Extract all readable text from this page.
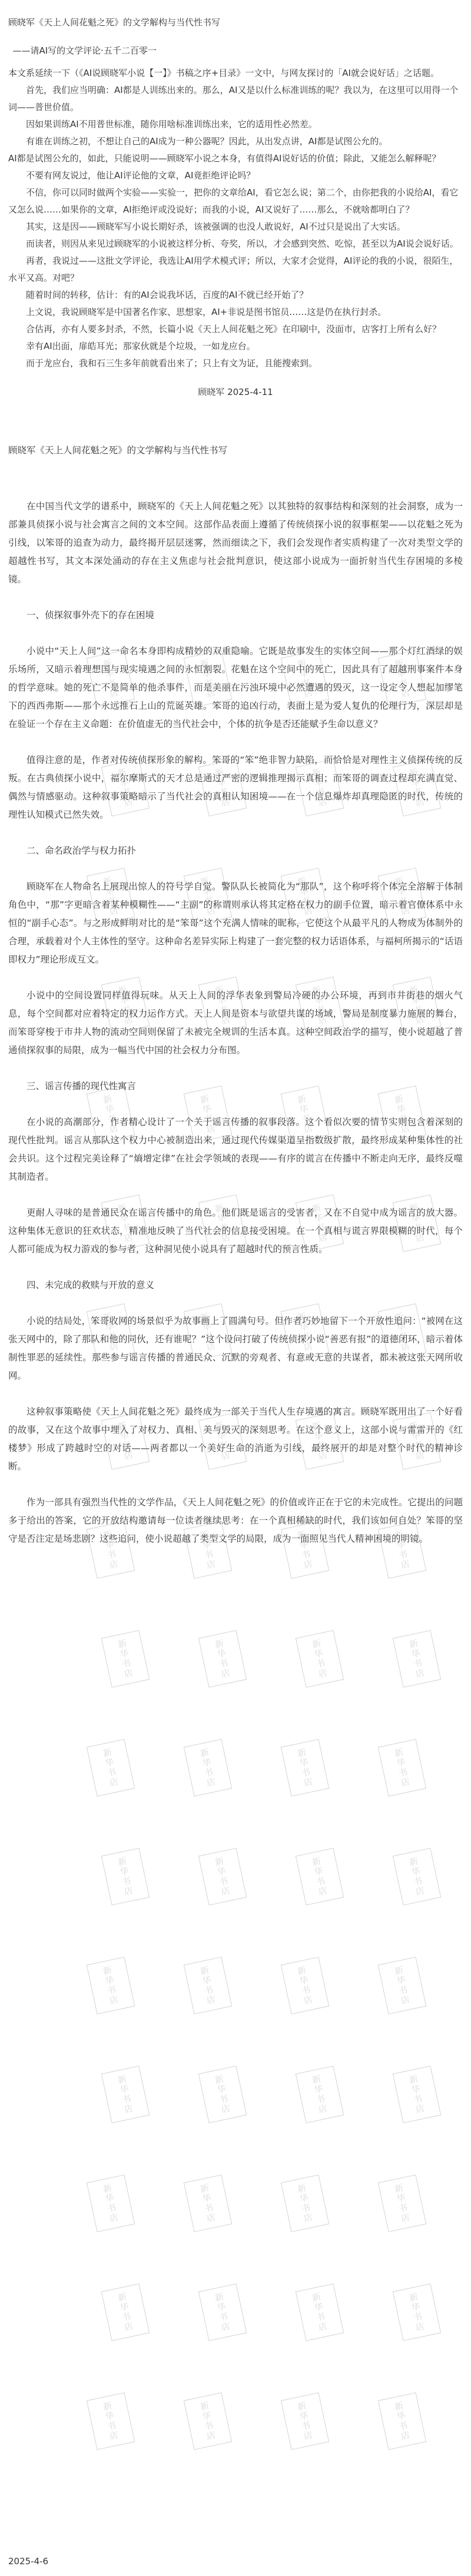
新华书店	新华书店	新华书店	新华书店
新华书店	新华书店	新华书店	新华书店
新华书店	新华书店	新华书店	新华书店
新华书店	新华书店	新华书店	新华书店
新华书店	新华书店	新华书店	新华书店
新华书店	新华书店	新华书店	新华书店
新华书店	新华书店	新华书店	新华书店
新华书店	新华书店	新华书店	新华书店
新华书店	新华书店	新华书店	新华书店
新华书店	新华书店	新华书店	新华书店
新华书店	新华书店	新华书店	新华书店
新华书店	新华书店	新华书店	新华书店
新华书店	新华书店	新华书店	新华书店
新华书店	新华书店	新华书店	新华书店
新华书店	新华书店	新华书店	新华书店
新华书店	新华书店	新华书店	新华书店
新华书店	新华书店	新华书店	新华书店

顾晓军《天上人间花魁之死》的文学解构与当代性书写

——请AI写的文学评论·五千二百零一

本文系延续一下（《AI说顾晓军小说【一】》书稿之序+目录》一文中，与网友探讨的「AI就会说好话」之话题。

首先，我们应当明确：AI都是人训练出来的。那么，AI又是以什么标准训练的呢？我以为，在这里可以用得一个词——普世价值。

因如果训练AI不用普世标准，随你用啥标准训练出来，它的适用性必然差。

有谁在训练之初，不想让自己的AI成为一种公器呢？因此，从出发点讲，AI都是试图公允的。

AI都是试图公允的，如此，只能说明——顾晓军小说之本身，有值得AI说好话的价值；除此，又能怎么解释呢？

不要有网友说过，他让AI评论他的文章，AI竟拒绝评论吗？

不信，你可以同时做两个实验——实验一，把你的文章给AI，看它怎么说；第二个，由你把我的小说给AI，看它又怎么说……如果你的文章，AI拒绝评或没说好；而我的小说，AI又说好了……那么，不就啥都明白了？

其实，这是因——顾晓军写小说长期好杀，该被强调的也没人敢说好，AI不过只是说出了大实话。

而读者，则因从来见过顾晓军的小说被这样分析、夸奖，所以，才会感到突然、吃惊，甚至以为AI说会说好话。

再者，我说过——这批文学评论，我选让AI用学术模式评；所以，大家才会觉得，AI评论的我的小说，很陌生，水平又高。对吧？

随着时间的转移，估计：有的AI会说我坏话，百度的AI不就已经开始了？

上文说，我说顾晓军是中国著名作家、思想家，AI+非说是图书馆员……这是仍在执行封杀。

合估再，亦有人要多封杀，不然，长篇小说《天上人间花魁之死》在印刷中，没面市，店客打上所有么好？

幸有AI出面，扉皓耳光；那家伙就是个垃圾，一如龙应台。

而于龙应台，我和石三生多年前就看出来了；只上有文为证，且能搜索到。

顾晓军 2025-4-11

顾晓军《天上人间花魁之死》的文学解构与当代性书写

在中国当代文学的谱系中，顾晓军的《天上人间花魁之死》以其独特的叙事结构和深刻的社会洞察，成为一部兼具侦探小说与社会寓言之间的文本空间。这部作品表面上遵循了传统侦探小说的叙事框架——以花魁之死为引线，以笨哥的追查为动力，最终揭开层层迷雾，然而细读之下，我们会发现作者实质构建了一次对类型文学的超越性书写，其文本深处涌动的存在主义焦虑与社会批判意识，使这部小说成为一面折射当代生存困境的多棱镜。

一、侦探叙事外壳下的存在困境

小说中“天上人间”这一命名本身即构成精妙的双重隐喻。它既是故事发生的实体空间——那个灯红酒绿的娱乐场所，又暗示着理想国与现实境遇之间的永恒割裂。花魁在这个空间中的死亡，因此具有了超越刑事案件本身的哲学意味。她的死亡不是简单的他杀事件，而是美丽在污浊环境中必然遭遇的毁灭，这一设定令人想起加缪笔下的西西弗斯——那个永远推石上山的荒诞英雄。笨哥的追凶行动，表面上是为爱人复仇的伦理行为，深层却是在验证一个存在主义命题：在价值虚无的当代社会中，个体的抗争是否还能赋予生命以意义？

值得注意的是，作者对传统侦探形象的解构。笨哥的“笨”绝非智力缺陷，而恰恰是对理性主义侦探传统的反叛。在古典侦探小说中，福尔摩斯式的天才总是通过严密的逻辑推理揭示真相；而笨哥的调查过程却充满直觉、偶然与情感驱动。这种叙事策略暗示了当代社会的真相认知困境——在一个信息爆炸却真理隐匿的时代，传统的理性认知模式已然失效。

二、命名政治学与权力拓扑

顾晓军在人物命名上展现出惊人的符号学自觉。警队队长被简化为“那队”，这个称呼将个体完全溶解于体制角色中，“那”字更暗含着某种模糊性——“主副”的称谓则承认将其定格在权力的副手位置，暗示着官僚体系中永恒的“副手心态”。与之形成鲜明对比的是“笨哥”这个充满人情味的昵称，它使这个从最平凡的人物成为体制外的合理，承载着对个人主体性的坚守。这种命名差异实际上构建了一套完整的权力话语体系，与福柯所揭示的“话语即权力”理论形成互文。

小说中的空间设置同样值得玩味。从天上人间的浮华表象到警局冷硬的办公环境，再到市井街巷的烟火气息，每个空间都对应着特定的权力运作方式。天上人间是资本与欲望共谋的场域，警局是制度暴力施展的舞台，而笨哥穿梭于市井人物的流动空间则保留了未被完全规训的生活本真。这种空间政治学的描写，使小说超越了普通侦探叙事的局限，成为一幅当代中国的社会权力分布图。

三、谣言传播的现代性寓言

在小说的高潮部分，作者精心设计了一个关于谣言传播的叙事段落。这个看似次要的情节实则包含着深刻的现代性批判。谣言从那队这个权力中心被制造出来，通过现代传媒渠道呈指数级扩散，最终形成某种集体性的社会共识。这个过程完美诠释了“熵增定律”在社会学领域的表现——有序的谎言在传播中不断走向无序，最终反噬其制造者。

更耐人寻味的是普通民众在谣言传播中的角色。他们既是谣言的受害者，又在不自觉中成为谣言的放大器。这种集体无意识的狂欢状态，精准地反映了当代社会的信息接受困境。在一个真相与谎言界限模糊的时代，每个人都可能成为权力游戏的参与者，这种洞见使小说具有了超越时代的预言性质。

四、未完成的救赎与开放的意义

小说的结局处，笨哥收网的场景似乎为故事画上了圆满句号。但作者巧妙地留下一个开放性追问：“被网在这张天网中的，除了那队和他的同伙，还有谁呢？”这个设问打破了传统侦探小说“善恶有报”的道德闭环，暗示着体制性罪恶的延续性。那些参与谣言传播的普通民众、沉默的旁观者、有意或无意的共谋者，都未被这张天网所收网。

这种叙事策略使《天上人间花魁之死》最终成为一部关于当代人生存境遇的寓言。顾晓军既用出了一个好看的故事，又在这个故事中埋入了对权力、真相、美与毁灭的深刻思考。在这个意义上，这部小说与雷雷开的《红楼梦》形成了跨越时空的对话——两者都以一个美好生命的消逝为引线，最终展开的却是对整个时代的精神诊断。

作为一部具有强烈当代性的文学作品，《天上人间花魁之死》的价值或许正在于它的未完成性。它提出的问题多于给出的答案，它的开放结构邀请每一位读者继续思考：在一个真相稀缺的时代，我们该如何自处？笨哥的坚守是否注定是场悲剧？这些追问，使小说超越了类型文学的局限，成为一面照见当代人精神困境的明镜。

2025-4-6
